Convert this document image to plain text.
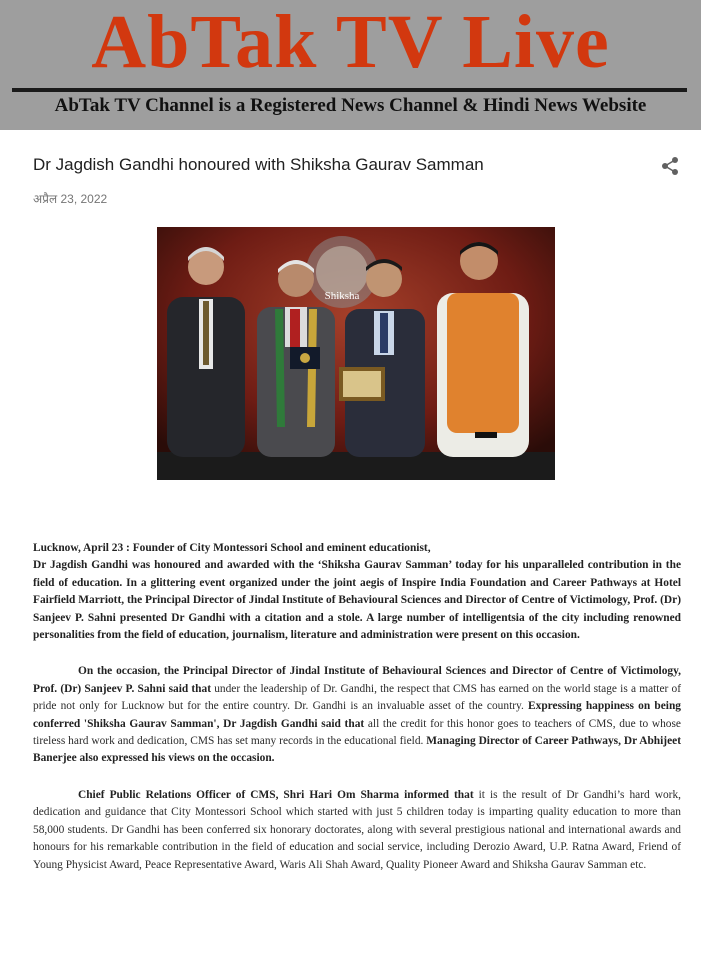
AbTak TV Live
AbTak TV Channel is a Registered News Channel & Hindi News Website
Dr Jagdish Gandhi honoured with Shiksha Gaurav Samman
अप्रैल 23, 2022
Shiksha

Lucknow, April 23 : Founder of City Montessori School and eminent educationist,
Dr Jagdish Gandhi was honoured and awarded with the ‘Shiksha Gaurav Samman’ today for his unparalleled contribution in the field of education. In a glittering event organized under the joint aegis of Inspire India Foundation and Career Pathways at Hotel Fairfield Marriott, the Principal Director of Jindal Institute of Behavioural Sciences and Director of Centre of Victimology, Prof. (Dr) Sanjeev P. Sahni presented Dr Gandhi with a citation and a stole. A large number of intelligentsia of the city including renowned personalities from the field of education, journalism, literature and administration were present on this occasion.

On the occasion, the Principal Director of Jindal Institute of Behavioural Sciences and Director of Centre of Victimology, Prof. (Dr) Sanjeev P. Sahni said that under the leadership of Dr. Gandhi, the respect that CMS has earned on the world stage is a matter of pride not only for Lucknow but for the entire country. Dr. Gandhi is an invaluable asset of the country. Expressing happiness on being conferred 'Shiksha Gaurav Samman', Dr Jagdish Gandhi said that all the credit for this honor goes to teachers of CMS, due to whose tireless hard work and dedication, CMS has set many records in the educational field. Managing Director of Career Pathways, Dr Abhijeet Banerjee also expressed his views on the occasion.

Chief Public Relations Officer of CMS, Shri Hari Om Sharma informed that it is the result of Dr Gandhi’s hard work, dedication and guidance that City Montessori School which started with just 5 children today is imparting quality education to more than 58,000 students. Dr Gandhi has been conferred six honorary doctorates, along with several prestigious national and international awards and honours for his remarkable contribution in the field of education and social service, including Derozio Award, U.P. Ratna Award, Friend of Young Physicist Award, Peace Representative Award, Waris Ali Shah Award, Quality Pioneer Award and Shiksha Gaurav Samman etc.
